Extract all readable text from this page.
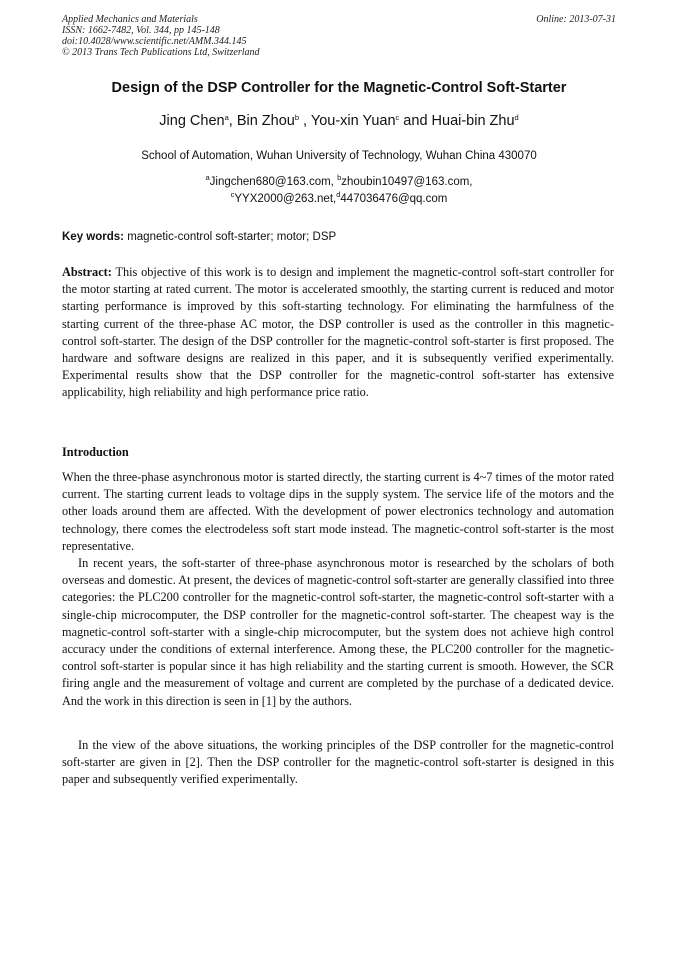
Applied Mechanics and Materials
ISSN: 1662-7482, Vol. 344, pp 145-148
doi:10.4028/www.scientific.net/AMM.344.145
© 2013 Trans Tech Publications Ltd, Switzerland
Online: 2013-07-31
Design of the DSP Controller for the Magnetic-Control Soft-Starter
Jing Chen$^a$, Bin Zhou$^b$ , You-xin Yuan$^c$ and Huai-bin Zhu$^d$
School of Automation, Wuhan University of Technology, Wuhan China 430070
$^a$Jingchen680@163.com, $^b$zhoubin10497@163.com,
$^c$YYX2000@263.net,$^d$447036476@qq.com
Key words: magnetic-control soft-starter; motor; DSP
Abstract: This objective of this work is to design and implement the magnetic-control soft-start controller for the motor starting at rated current. The motor is accelerated smoothly, the starting current is reduced and motor starting performance is improved by this soft-starting technology. For eliminating the harmfulness of the starting current of the three-phase AC motor, the DSP controller is used as the controller in this magnetic-control soft-starter. The design of the DSP controller for the magnetic-control soft-starter is first proposed. The hardware and software designs are realized in this paper, and it is subsequently verified experimentally. Experimental results show that the DSP controller for the magnetic-control soft-starter has extensive applicability, high reliability and high performance price ratio.
Introduction
When the three-phase asynchronous motor is started directly, the starting current is 4~7 times of the motor rated current. The starting current leads to voltage dips in the supply system. The service life of the motors and the other loads around them are affected. With the development of power electronics technology and automation technology, there comes the electrodeless soft start mode instead. The magnetic-control soft-starter is the most representative.
In recent years, the soft-starter of three-phase asynchronous motor is researched by the scholars of both overseas and domestic. At present, the devices of magnetic-control soft-starter are generally classified into three categories: the PLC200 controller for the magnetic-control soft-starter, the magnetic-control soft-starter with a single-chip microcomputer, the DSP controller for the magnetic-control soft-starter. The cheapest way is the magnetic-control soft-starter with a single-chip microcomputer, but the system does not achieve high control accuracy under the conditions of external interference. Among these, the PLC200 controller for the magnetic-control soft-starter is popular since it has high reliability and the starting current is smooth. However, the SCR firing angle and the measurement of voltage and current are completed by the purchase of a dedicated device. And the work in this direction is seen in [1] by the authors.
In the view of the above situations, the working principles of the DSP controller for the magnetic-control soft-starter are given in [2]. Then the DSP controller for the magnetic-control soft-starter is designed in this paper and subsequently verified experimentally.
